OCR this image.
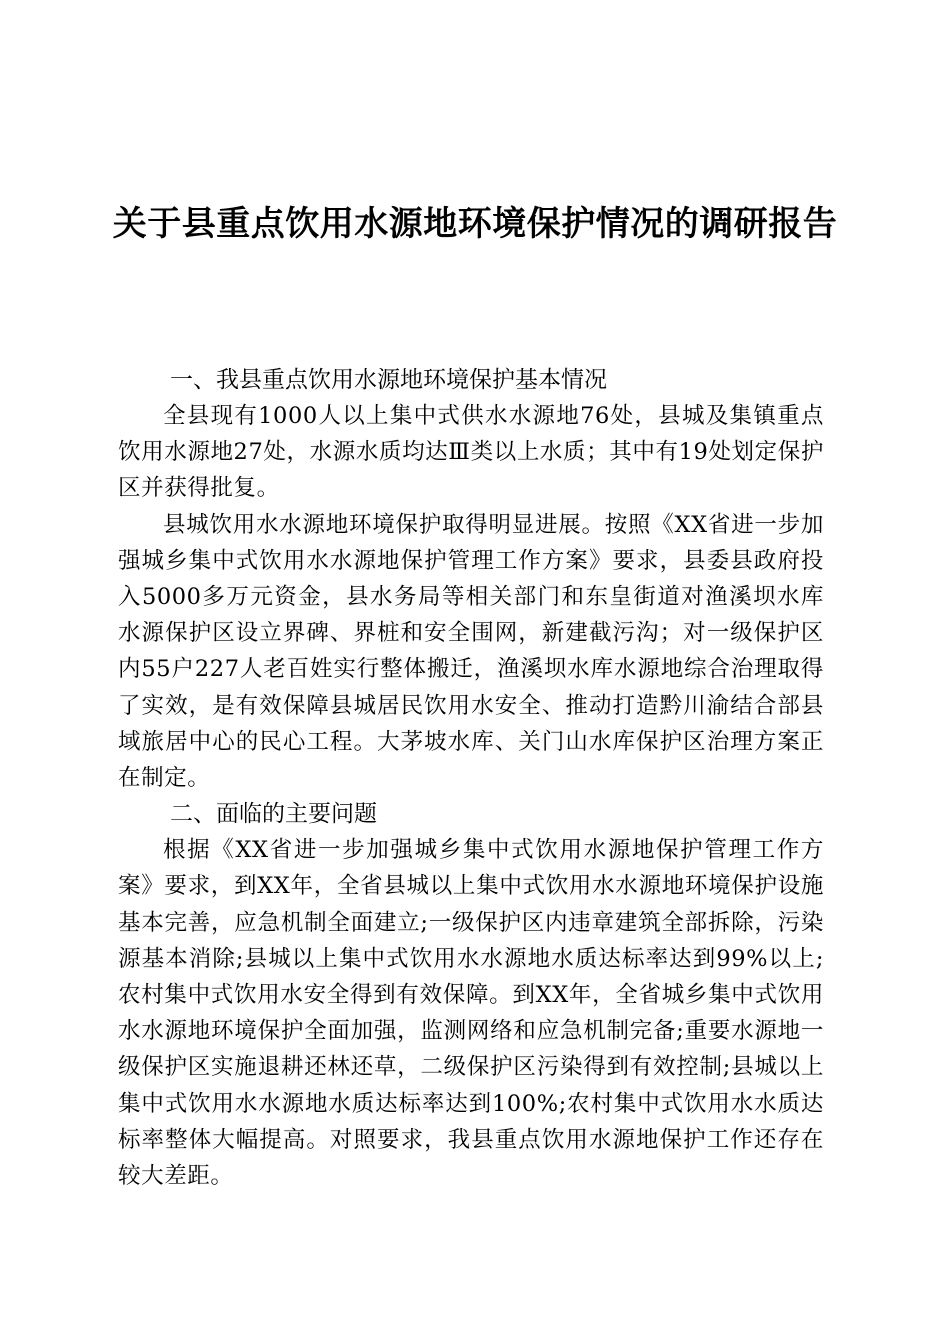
关于县重点饮用水源地环境保护情况的调研报告
一、我县重点饮用水源地环境保护基本情况

全县现有1000人以上集中式供水水源地76处，县城及集镇重点饮用水源地27处，水源水质均达Ⅲ类以上水质；其中有19处划定保护区并获得批复。

县城饮用水水源地环境保护取得明显进展。按照《XX省进一步加强城乡集中式饮用水水源地保护管理工作方案》要求，县委县政府投入5000多万元资金，县水务局等相关部门和东皇街道对渔溪坝水库水源保护区设立界碑、界桩和安全围网，新建截污沟；对一级保护区内55户227人老百姓实行整体搬迁，渔溪坝水库水源地综合治理取得了实效，是有效保障县城居民饮用水安全、推动打造黔川渝结合部县域旅居中心的民心工程。大茅坡水库、关门山水库保护区治理方案正在制定。

二、面临的主要问题

根据《XX省进一步加强城乡集中式饮用水源地保护管理工作方案》要求，到XX年，全省县城以上集中式饮用水水源地环境保护设施基本完善，应急机制全面建立;一级保护区内违章建筑全部拆除，污染源基本消除;县城以上集中式饮用水水源地水质达标率达到99%以上;农村集中式饮用水安全得到有效保障。到XX年，全省城乡集中式饮用水水源地环境保护全面加强，监测网络和应急机制完备;重要水源地一级保护区实施退耕还林还草，二级保护区污染得到有效控制;县城以上集中式饮用水水源地水质达标率达到100%;农村集中式饮用水水质达标率整体大幅提高。对照要求，我县重点饮用水源地保护工作还存在较大差距。
